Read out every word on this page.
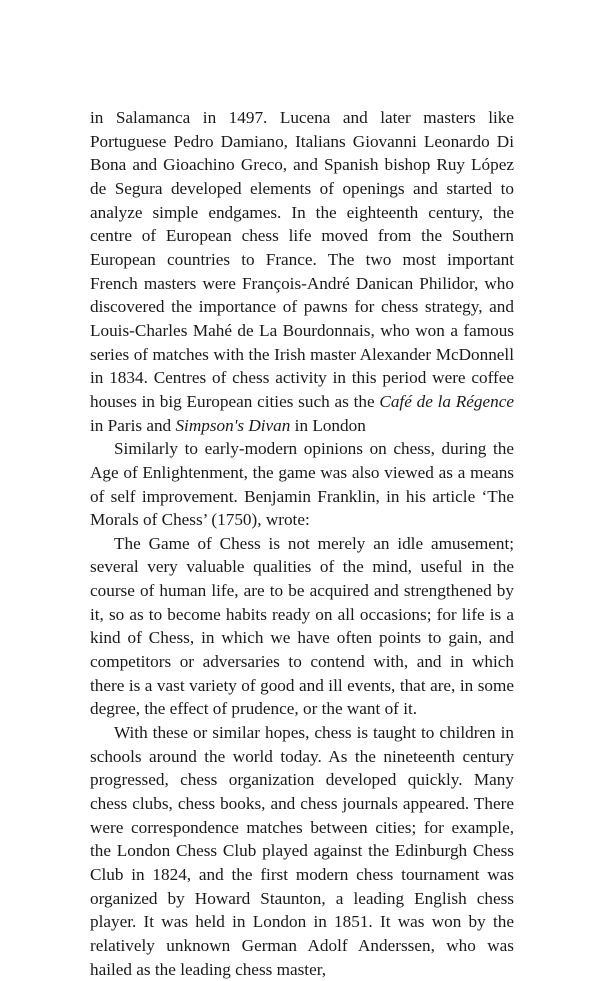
in Salamanca in 1497. Lucena and later masters like Portuguese Pedro Damiano, Italians Giovanni Leonardo Di Bona and Gioachino Greco, and Spanish bishop Ruy López de Segura developed elements of openings and started to analyze simple endgames. In the eighteenth century, the centre of European chess life moved from the Southern European countries to France. The two most important French masters were François-André Danican Philidor, who discovered the importance of pawns for chess strategy, and Louis-Charles Mahé de La Bourdonnais, who won a famous series of matches with the Irish master Alexander McDonnell in 1834. Centres of chess activity in this period were coffee houses in big European cities such as the Café de la Régence in Paris and Simpson's Divan in London

Similarly to early-modern opinions on chess, during the Age of Enlightenment, the game was also viewed as a means of self improvement. Benjamin Franklin, in his article ‘The Morals of Chess’ (1750), wrote:

The Game of Chess is not merely an idle amusement; several very valuable qualities of the mind, useful in the course of human life, are to be acquired and strengthened by it, so as to become habits ready on all occasions; for life is a kind of Chess, in which we have often points to gain, and competitors or adversaries to contend with, and in which there is a vast variety of good and ill events, that are, in some degree, the effect of prudence, or the want of it.

With these or similar hopes, chess is taught to children in schools around the world today. As the nineteenth century progressed, chess organization developed quickly. Many chess clubs, chess books, and chess journals appeared. There were correspondence matches between cities; for example, the London Chess Club played against the Edinburgh Chess Club in 1824, and the first modern chess tournament was organized by Howard Staunton, a leading English chess player. It was held in London in 1851. It was won by the relatively unknown German Adolf Anderssen, who was hailed as the leading chess master,
